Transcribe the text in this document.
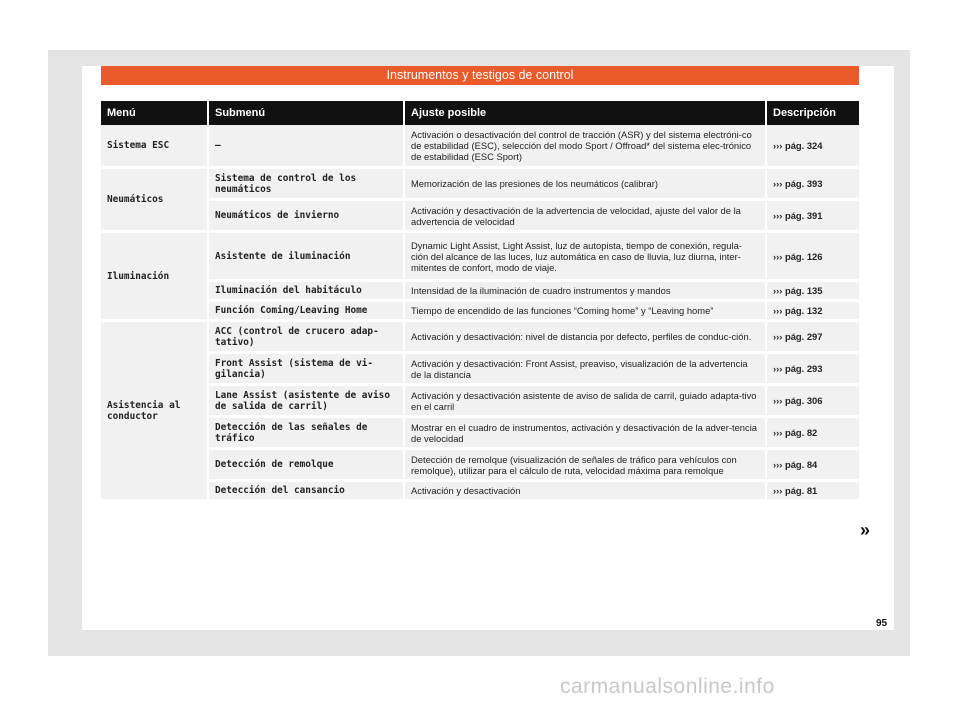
Instrumentos y testigos de control
Menú	Submenú	Ajuste posible	Descripción
Sistema ESC	–	Activación o desactivación del control de tracción (ASR) y del sistema electróni-co de estabilidad (ESC), selección del modo Sport / Offroad* del sistema elec-trónico de estabilidad (ESC Sport)	››› pág. 324
Neumáticos	Sistema de control de los neumáticos	Memorización de las presiones de los neumáticos (calibrar)	››› pág. 393
	Neumáticos de invierno	Activación y desactivación de la advertencia de velocidad, ajuste del valor de la advertencia de velocidad	››› pág. 391
Iluminación	Asistente de iluminación	Dynamic Light Assist, Light Assist, luz de autopista, tiempo de conexión, regula-ción del alcance de las luces, luz automática en caso de lluvia, luz diurna, inter-mitentes de confort, modo de viaje.	››› pág. 126
	Iluminación del habitáculo	Intensidad de la iluminación de cuadro instrumentos y mandos	››› pág. 135
	Función Coming/Leaving Home	Tiempo de encendido de las funciones “Coming home” y “Leaving home”	››› pág. 132
Asistencia al conductor	ACC (control de crucero adap-tativo)	Activación y desactivación: nivel de distancia por defecto, perfiles de conduc-ción.	››› pág. 297
	Front Assist (sistema de vi-gilancia)	Activación y desactivación: Front Assist, preaviso, visualización de la advertencia de la distancia	››› pág. 293
	Lane Assist (asistente de aviso de salida de carril)	Activación y desactivación asistente de aviso de salida de carril, guiado adapta-tivo en el carril	››› pág. 306
	Detección de las señales de tráfico	Mostrar en el cuadro de instrumentos, activación y desactivación de la adver-tencia de velocidad	››› pág. 82
	Detección de remolque	Detección de remolque (visualización de señales de tráfico para vehículos con remolque), utilizar para el cálculo de ruta, velocidad máxima para remolque	››› pág. 84
	Detección del cansancio	Activación y desactivación	››› pág. 81
»
95
carmanualsonline.info
